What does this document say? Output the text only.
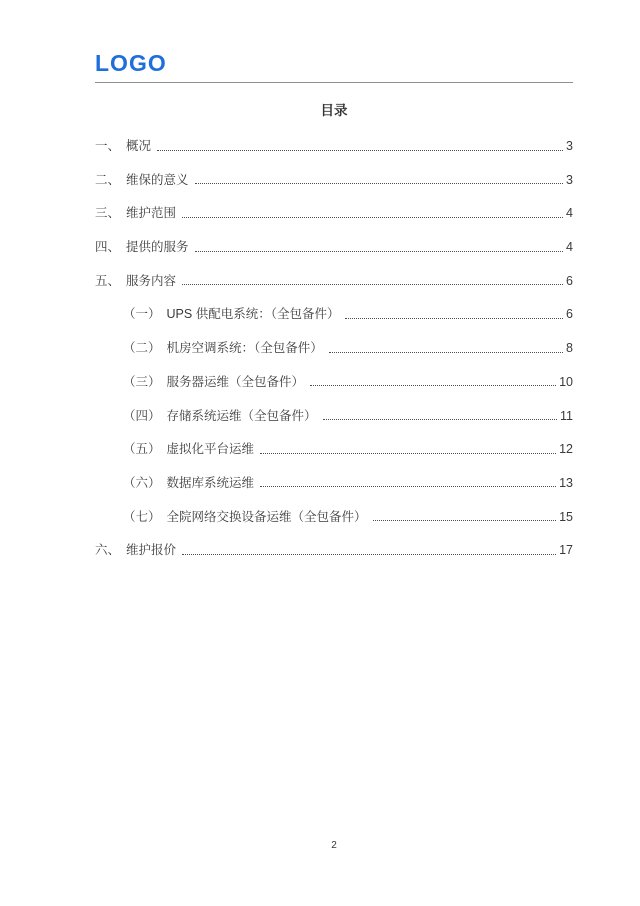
LOGO
目录
一、 概况	3
二、 维保的意义	3
三、 维护范围	4
四、 提供的服务	4
五、 服务内容	6
（一） UPS 供配电系统：（全包备件）	6
（二） 机房空调系统：（全包备件）	8
（三） 服务器运维（全包备件）	10
（四） 存储系统运维（全包备件）	11
（五） 虚拟化平台运维	12
（六） 数据库系统运维	13
（七） 全院网络交换设备运维（全包备件）	15
六、 维护报价	17
2
